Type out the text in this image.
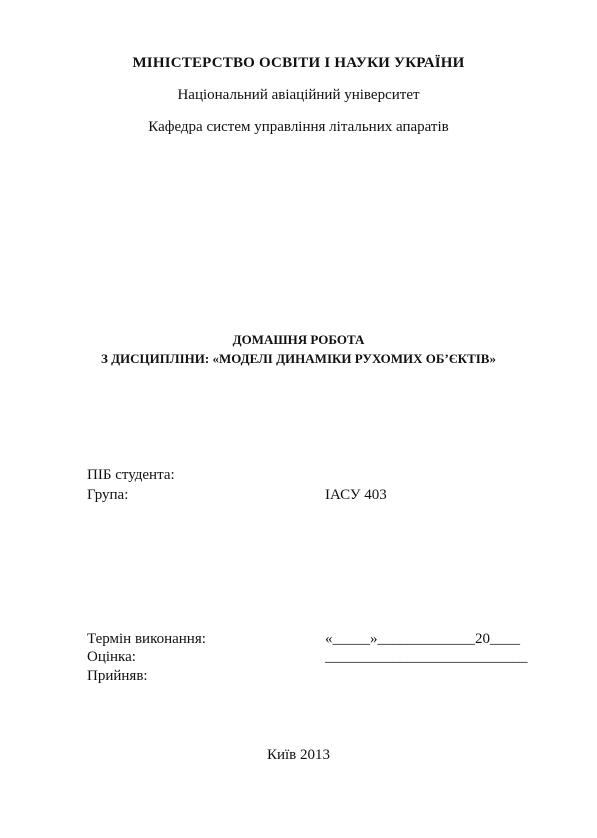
МІНІСТЕРСТВО ОСВІТИ І НАУКИ УКРАЇНИ
Національний авіаційний університет
Кафедра систем управління літальних апаратів
ДОМАШНЯ РОБОТА
З ДИСЦИПЛІНИ: «МОДЕЛІ ДИНАМІКИ РУХОМИХ ОБ’ЄКТІВ»
ПІБ студента:
Група:	ІАСУ 403
Термін виконання:	«_____»_____________20____
Оцінка:	___________________________
Прийняв:
Київ 2013
